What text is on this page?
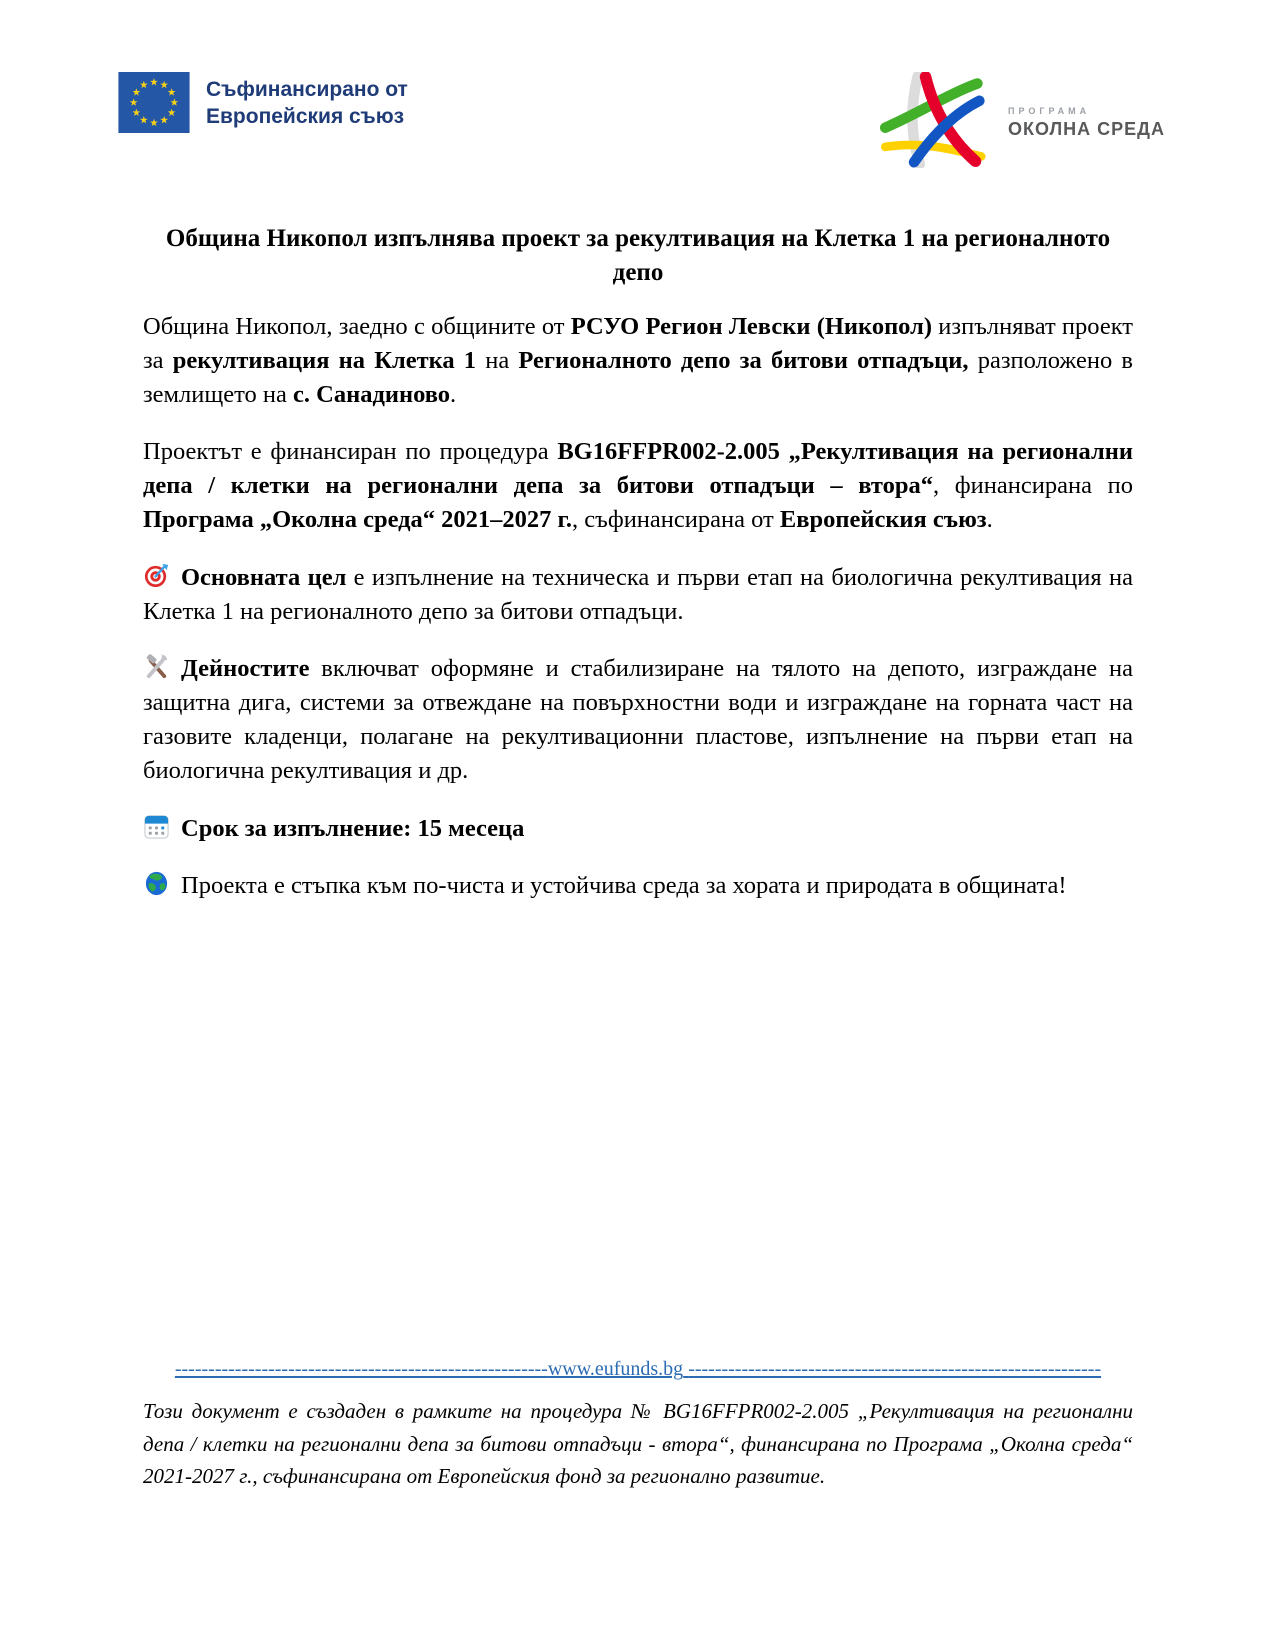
Съфинансирано от
Европейския съюз	ПРОГРАМА
ОКОЛНА СРЕДА
Община Никопол изпълнява проект за рекултивация на Клетка 1 на регионалното депо

Община Никопол, заедно с общините от РСУО Регион Левски (Никопол) изпълняват проект за рекултивация на Клетка 1 на Регионалното депо за битови отпадъци, разположено в землището на с. Санадиново.

Проектът е финансиран по процедура BG16FFPR002-2.005 „Рекултивация на регионални депа / клетки на регионални депа за битови отпадъци – втора“, финансирана по Програма „Околна среда“ 2021–2027 г., съфинансирана от Европейския съюз.

Основната цел е изпълнение на техническа и първи етап на биологична рекултивация на Клетка 1 на регионалното депо за битови отпадъци.

Дейностите включват оформяне и стабилизиране на тялото на депото, изграждане на защитна дига, системи за отвеждане на повърхностни води и изграждане на горната част на газовите кладенци, полагане на рекултивационни пластове, изпълнение на първи етап на биологична рекултивация и др.

Срок за изпълнение: 15 месеца

Проекта е стъпка към по-чиста и устойчива среда за хората и природата в общината!

--------------------------------------------------------www.eufunds.bg --------------------------------------------------------------

Този документ е създаден в рамките на процедура № BG16FFPR002-2.005 „Рекултивация на регионални депа / клетки на регионални депа за битови отпадъци - втора“, финансирана по Програма „Околна среда“ 2021-2027 г., съфинансирана от Европейския фонд за регионално развитие.
